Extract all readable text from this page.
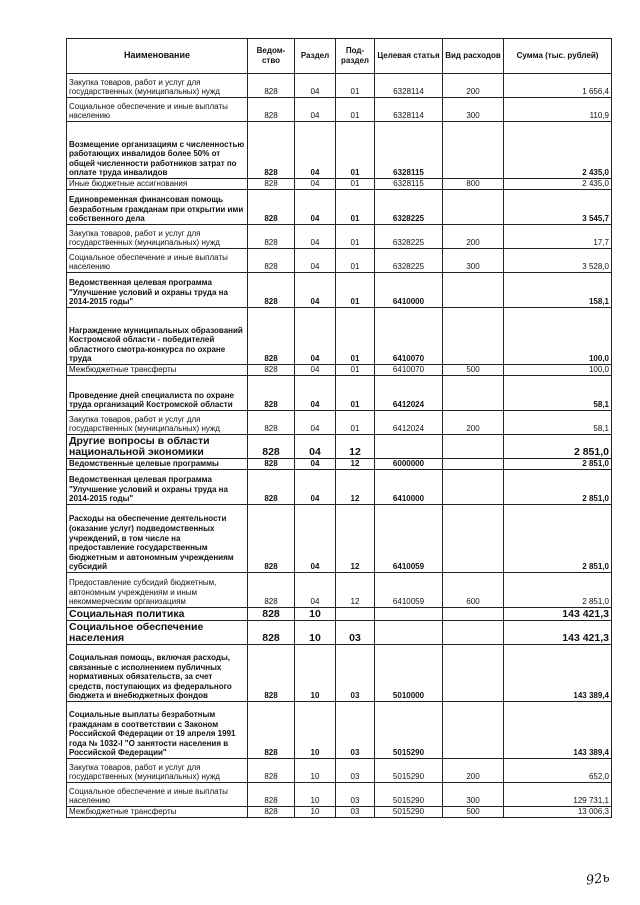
Наименование	Ведом-ство	Раздел	Под-раздел	Целевая статья	Вид расходов	Сумма (тыс. рублей)
Закупка товаров, работ и услуг для государственных (муниципальных) нужд	828	04	01	6328114	200	1 656,4
Социальное обеспечение и иные выплаты населению	828	04	01	6328114	300	110,9
Возмещение организациям с численностью работающих инвалидов более 50% от общей численности работников затрат по оплате труда инвалидов	828	04	01	6328115		2 435,0
Иные бюджетные ассигнования	828	04	01	6328115	800	2 435,0
Единовременная финансовая помощь безработным гражданам при открытии ими собственного дела	828	04	01	6328225		3 545,7
Закупка товаров, работ и услуг для государственных (муниципальных) нужд	828	04	01	6328225	200	17,7
Социальное обеспечение и иные выплаты населению	828	04	01	6328225	300	3 528,0
Ведомственная целевая программа "Улучшение условий и охраны труда на 2014-2015 годы"	828	04	01	6410000		158,1
Награждение муниципальных образований Костромской области - победителей областного смотра-конкурса по охране труда	828	04	01	6410070		100,0
Межбюджетные трансферты	828	04	01	6410070	500	100,0
Проведение дней специалиста по охране труда организаций Костромской области	828	04	01	6412024		58,1
Закупка товаров, работ и услуг для государственных (муниципальных) нужд	828	04	01	6412024	200	58,1
Другие вопросы в области национальной экономики	828	04	12			2 851,0
Ведомственные целевые программы	828	04	12	6000000		2 851,0
Ведомственная целевая программа "Улучшение условий и охраны труда на 2014-2015 годы"	828	04	12	6410000		2 851,0
Расходы на обеспечение деятельности (оказание услуг) подведомственных учреждений, в том числе на предоставление государственным бюджетным и автономным учреждениям субсидий	828	04	12	6410059		2 851,0
Предоставление субсидий бюджетным, автономным учреждениям и иным некоммерческим организациям	828	04	12	6410059	600	2 851,0
Социальная политика	828	10				143 421,3
Социальное обеспечение населения	828	10	03			143 421,3
Социальная помощь, включая расходы, связанные с исполнением публичных нормативных обязательств, за счет средств, поступающих из федерального бюджета и внебюджетных фондов	828	10	03	5010000		143 389,4
Социальные выплаты безработным гражданам в соответствии с Законом Российской Федерации от 19 апреля 1991 года № 1032-I "О занятости населения в Российской Федерации"	828	10	03	5015290		143 389,4
Закупка товаров, работ и услуг для государственных (муниципальных) нужд	828	10	03	5015290	200	652,0
Социальное обеспечение и иные выплаты населению	828	10	03	5015290	300	129 731,1
Межбюджетные трансферты	828	10	03	5015290	500	13 006,3
92ь
